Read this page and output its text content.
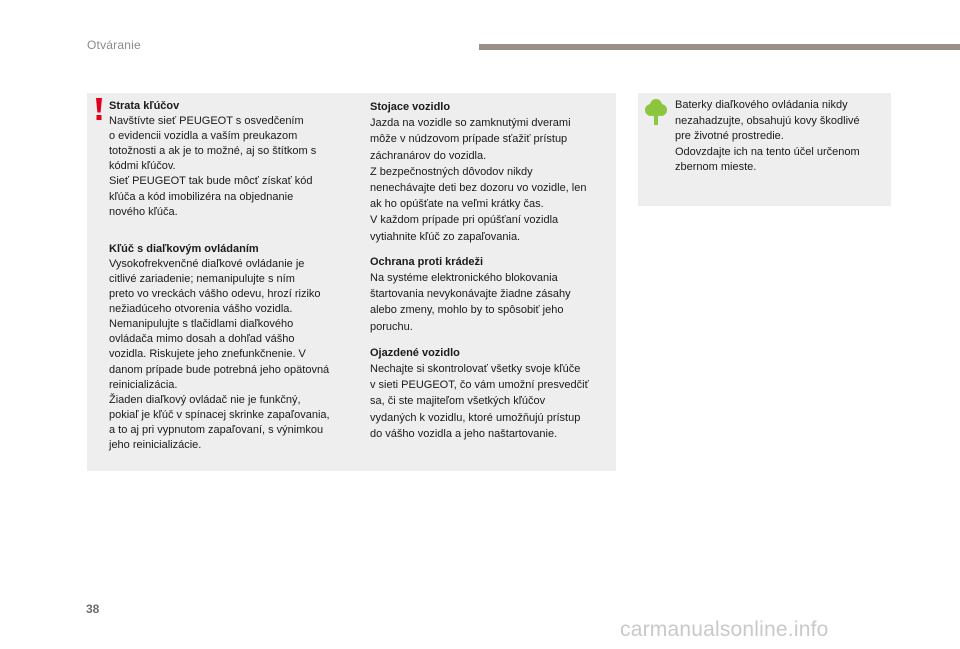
Otváranie
Strata kľúčov
Navštívte sieť PEUGEOT s osvedčením
o evidencii vozidla a vaším preukazom
totožnosti a ak je to možné, aj so štítkom s
kódmi kľúčov.
Sieť PEUGEOT tak bude môcť získať kód
kľúča a kód imobilizéra na objednanie
nového kľúča.
Kľúč s diaľkovým ovládaním
Vysokofrekvenčné diaľkové ovládanie je
citlivé zariadenie; nemanipulujte s ním
preto vo vreckách vášho odevu, hrozí riziko
nežiadúceho otvorenia vášho vozidla.
Nemanipulujte s tlačidlami diaľkového
ovládača mimo dosah a dohľad vášho
vozidla. Riskujete jeho znefunkčnenie. V
danom prípade bude potrebná jeho opätovná
reinicializácia.
Žiaden diaľkový ovládač nie je funkčný,
pokiaľ je kľúč v spínacej skrinke zapaľovania,
a to aj pri vypnutom zapaľovaní, s výnimkou
jeho reinicializácie.
Stojace vozidlo
Jazda na vozidle so zamknutými dverami
môže v núdzovom prípade sťažiť prístup
záchranárov do vozidla.
Z bezpečnostných dôvodov nikdy
nenechávajte deti bez dozoru vo vozidle, len
ak ho opúšťate na veľmi krátky čas.
V každom prípade pri opúšťaní vozidla
vytiahnite kľúč zo zapaľovania.
Ochrana proti krádeži
Na systéme elektronického blokovania
štartovania nevykonávajte žiadne zásahy
alebo zmeny, mohlo by to spôsobiť jeho
poruchu.
Ojazdené vozidlo
Nechajte si skontrolovať všetky svoje kľúče
v sieti PEUGEOT, čo vám umožní presvedčiť
sa, či ste majiteľom všetkých kľúčov
vydaných k vozidlu, ktoré umožňujú prístup
do vášho vozidla a jeho naštartovanie.
Baterky diaľkového ovládania nikdy
nezahadzujte, obsahujú kovy škodlivé
pre životné prostredie.
Odovzdajte ich na tento účel určenom
zbernom mieste.
38
carmanualsonline.info
